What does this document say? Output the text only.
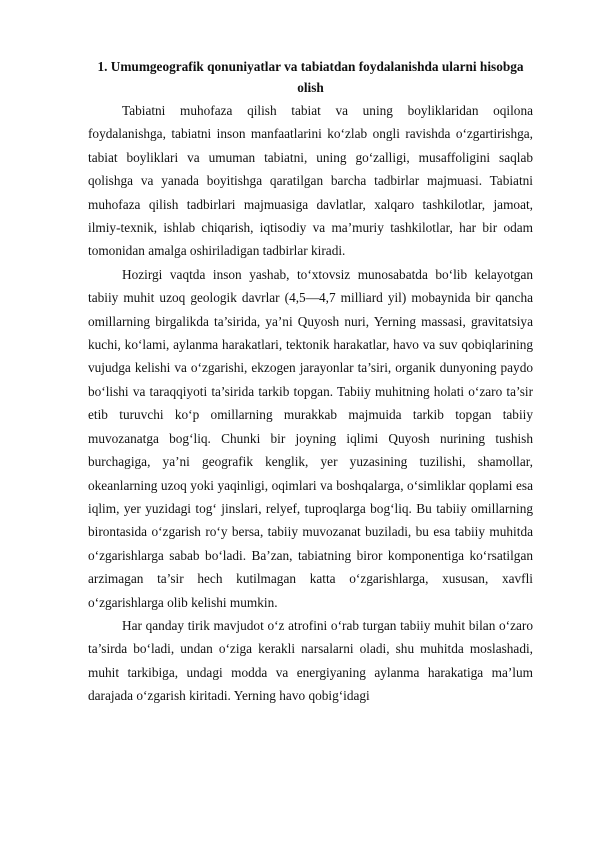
1. Umumgeografik qonuniyatlar va tabiatdan foydalanishda ularni hisobga olish

Tabiatni muhofaza qilish tabiat va uning boyliklaridan oqilona foydalanishga, tabiatni inson manfaatlarini ko‘zlab ongli ravishda o‘zgartirishga, tabiat boyliklari va umuman tabiatni, uning go‘zalligi, musaffoligini saqlab qolishga va yanada boyitishga qaratilgan barcha tadbirlar majmuasi. Tabiatni muhofaza qilish tadbirlari majmuasiga davlatlar, xalqaro tashkilotlar, jamoat, ilmiy-texnik, ishlab chiqarish, iqtisodiy va ma’muriy tashkilotlar, har bir odam tomonidan amalga oshiriladigan tadbirlar kiradi.

Hozirgi vaqtda inson yashab, to‘xtovsiz munosabatda bo‘lib kelayotgan tabiiy muhit uzoq geologik davrlar (4,5—4,7 milliard yil) mobaynida bir qancha omillarning birgalikda ta’sirida, ya’ni Quyosh nuri, Yerning massasi, gravitatsiya kuchi, ko‘lami, aylanma harakatlari, tektonik harakatlar, havo va suv qobiqlarining vujudga kelishi va o‘zgarishi, ekzogen jarayonlar ta’siri, organik dunyoning paydo bo‘lishi va taraqqiyoti ta’sirida tarkib topgan. Tabiiy muhitning holati o‘zaro ta’sir etib turuvchi ko‘p omillarning murakkab majmuida tarkib topgan tabiiy muvozanatga bog‘liq. Chunki bir joyning iqlimi Quyosh nurining tushish burchagiga, ya’ni geografik kenglik, yer yuzasining tuzilishi, shamollar, okeanlarning uzoq yoki yaqinligi, oqimlari va boshqalarga, o‘simliklar qoplami esa iqlim, yer yuzidagi tog‘ jinslari, relyef, tuproqlarga bog‘liq. Bu tabiiy omillarning birontasida o‘zgarish ro‘y bersa, tabiiy muvozanat buziladi, bu esa tabiiy muhitda o‘zgarishlarga sabab bo‘ladi. Ba’zan, tabiatning biror komponentiga ko‘rsatilgan arzimagan ta’sir hech kutilmagan katta o‘zgarishlarga, xususan, xavfli o‘zgarishlarga olib kelishi mumkin.

Har qanday tirik mavjudot o‘z atrofini o‘rab turgan tabiiy muhit bilan o‘zaro ta’sirda bo‘ladi, undan o‘ziga kerakli narsalarni oladi, shu muhitda moslashadi, muhit tarkibiga, undagi modda va energiyaning aylanma harakatiga ma’lum darajada o‘zgarish kiritadi. Yerning havo qobig‘idagi
